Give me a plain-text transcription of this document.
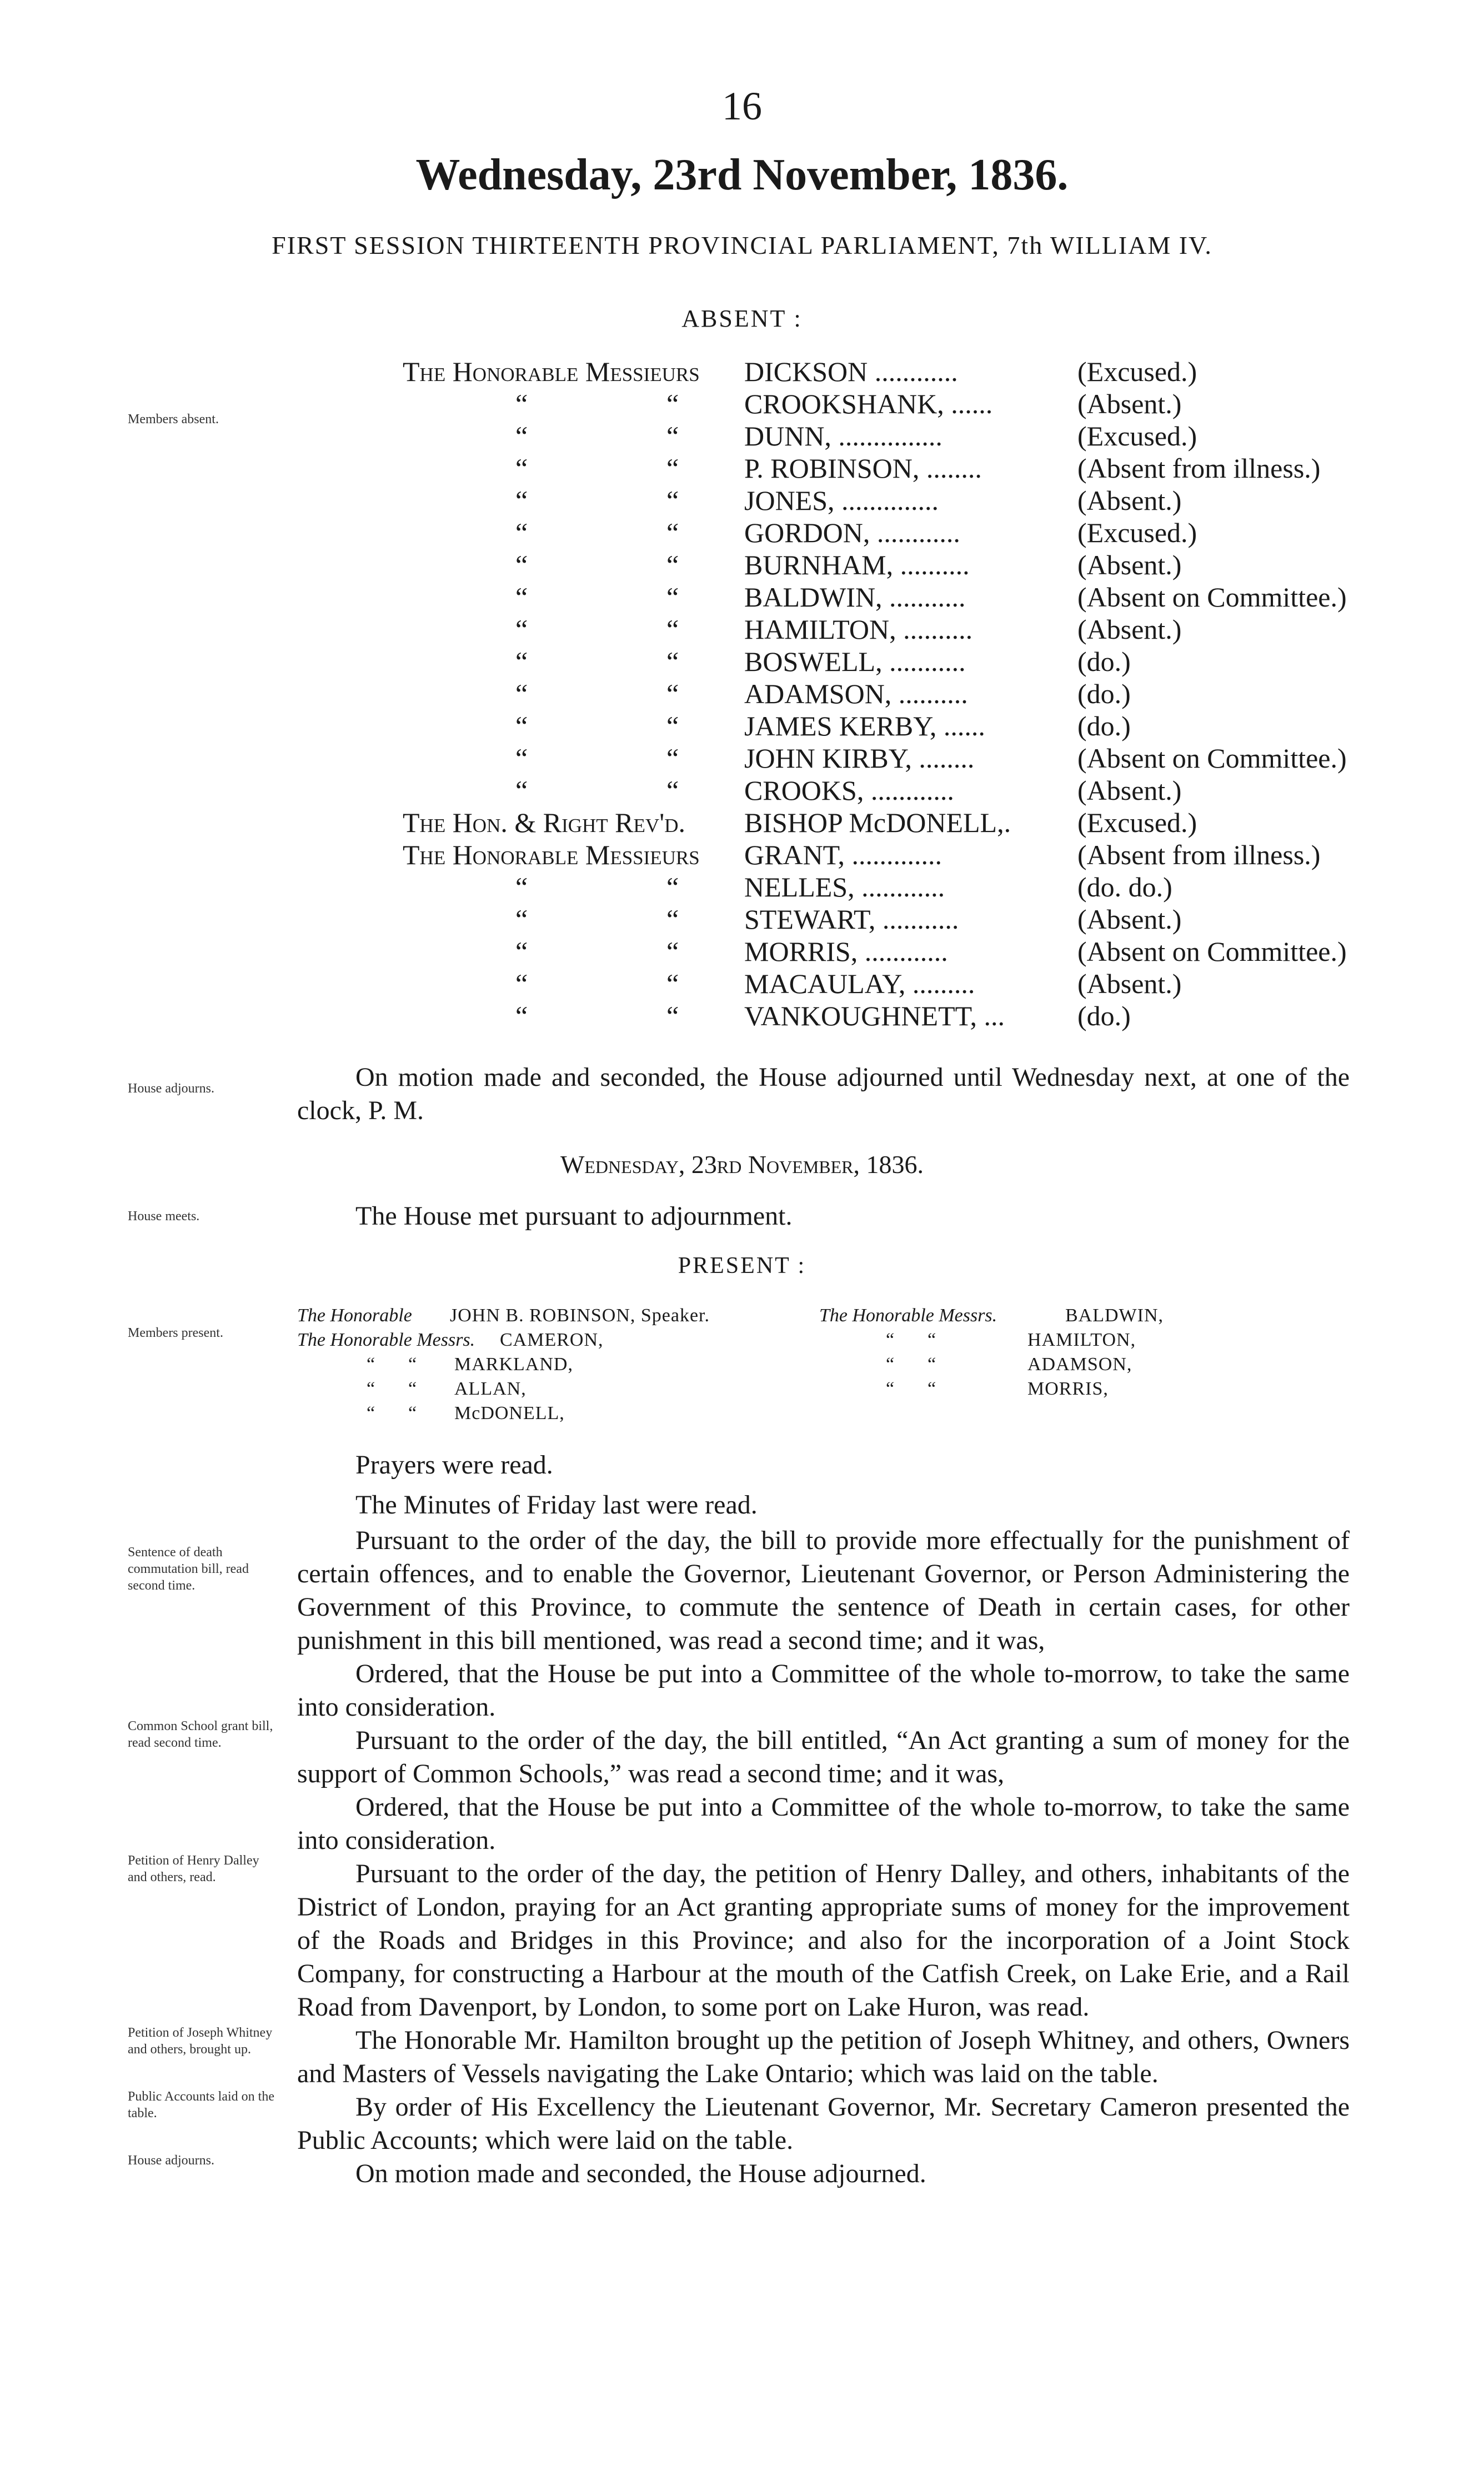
16
Wednesday, 23rd November, 1836.
FIRST SESSION THIRTEENTH PROVINCIAL PARLIAMENT, 7th WILLIAM IV.
ABSENT :
The Honorable Messieurs	DICKSON ............	(Excused.)
“	“ CROOKSHANK, ......	(Absent.)
“	“ DUNN, ...............	(Excused.)
“	“ P. ROBINSON, ........	(Absent from illness.)
“	“ JONES, ..............	(Absent.)
“	“ GORDON, ............	(Excused.)
“	“ BURNHAM, ..........	(Absent.)
“	“ BALDWIN, ...........	(Absent on Committee.)
“	“ HAMILTON, ..........	(Absent.)
“	“ BOSWELL, ...........	(do.)
“	“ ADAMSON, ..........	(do.)
“	“ JAMES KERBY, ......	(do.)
“	“ JOHN KIRBY, ........	(Absent on Committee.)
“	“ CROOKS, ............	(Absent.)
The Hon. & Right Rev'd.	BISHOP McDONELL,. (Excused.)
The Honorable Messieurs	GRANT, .............	(Absent from illness.)
“	“ NELLES, ............	(do. do.)
“	“ STEWART, ...........	(Absent.)
“	“ MORRIS, ............	(Absent on Committee.)
“	“ MACAULAY, .........	(Absent.)
“	“ VANKOUGHNETT, ...	(do.)
Members absent.
House adjourns.
House meets.
Members present.
Sentence of death commutation bill, read second time.
Common School grant bill, read second time.
Petition of Henry Dalley and others, read.
Petition of Joseph Whitney and others, brought up.
Public Accounts laid on the table.
House adjourns.
On motion made and seconded, the House adjourned until Wednesday next, at one of the clock, P. M.
Wednesday, 23rd November, 1836.
The House met pursuant to adjournment.
PRESENT :
The Honorable JOHN B. ROBINSON, Speaker.
The Honorable Messrs. CAMERON,
“ “ MARKLAND,
“ “ ALLAN,
“ “ McDONELL,
The Honorable Messrs.	BALDWIN,
“ “	HAMILTON,
“ “	ADAMSON,
“ “	MORRIS,
Prayers were read.
The Minutes of Friday last were read.
Pursuant to the order of the day, the bill to provide more effectually for the punishment of certain offences, and to enable the Governor, Lieutenant Governor, or Person Administering the Government of this Province, to commute the sentence of Death in certain cases, for other punishment in this bill mentioned, was read a second time; and it was,
Ordered, that the House be put into a Committee of the whole to-morrow, to take the same into consideration.
Pursuant to the order of the day, the bill entitled, “An Act granting a sum of money for the support of Common Schools,” was read a second time; and it was,
Ordered, that the House be put into a Committee of the whole to-morrow, to take the same into consideration.
Pursuant to the order of the day, the petition of Henry Dalley, and others, inhabitants of the District of London, praying for an Act granting appropriate sums of money for the improvement of the Roads and Bridges in this Province; and also for the incorporation of a Joint Stock Company, for constructing a Harbour at the mouth of the Catfish Creek, on Lake Erie, and a Rail Road from Davenport, by London, to some port on Lake Huron, was read.
The Honorable Mr. Hamilton brought up the petition of Joseph Whitney, and others, Owners and Masters of Vessels navigating the Lake Ontario; which was laid on the table.
By order of His Excellency the Lieutenant Governor, Mr. Secretary Cameron presented the Public Accounts; which were laid on the table.
On motion made and seconded, the House adjourned.
